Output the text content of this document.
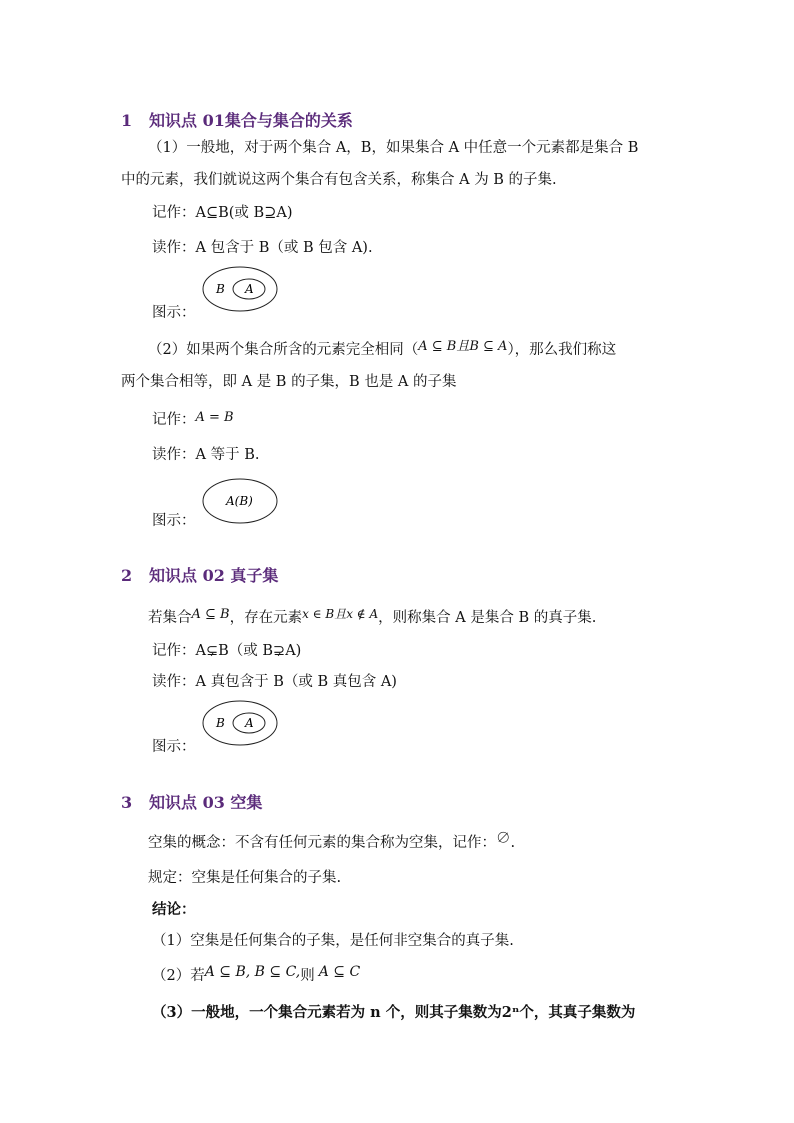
1 知识点 01集合与集合的关系
（1）一般地，对于两个集合 A，B，如果集合 A 中任意一个元素都是集合 B
中的元素，我们就说这两个集合有包含关系，称集合 A 为 B 的子集.
记作：A⊆B(或 B⊇A)
读作：A 包含于 B（或 B 包含 A).
B A
图示：
（2）如果两个集合所含的元素完全相同（A ⊆ B且B ⊆ A），那么我们称这
两个集合相等，即 A 是 B 的子集，B 也是 A 的子集
记作：A = B
读作：A 等于 B.
A(B)
图示：
2 知识点 02 真子集
若集合A ⊆ B，存在元素$^{x \in B且x \notin A}$，则称集合 A 是集合 B 的真子集.
记作：A⊊B（或 B⊋A)
读作：A 真包含于 B（或 B 真包含 A)
B A
图示：
3 知识点 03 空集
空集的概念：不含有任何元素的集合称为空集，记作：∅.
规定：空集是任何集合的子集.
结论：
（1）空集是任何集合的子集，是任何非空集合的真子集.
（2）若A ⊆ B, B ⊆ C,则 A ⊆ C
（3）一般地，一个集合元素若为 n 个，则其子集数为2ⁿ个，其真子集数为
